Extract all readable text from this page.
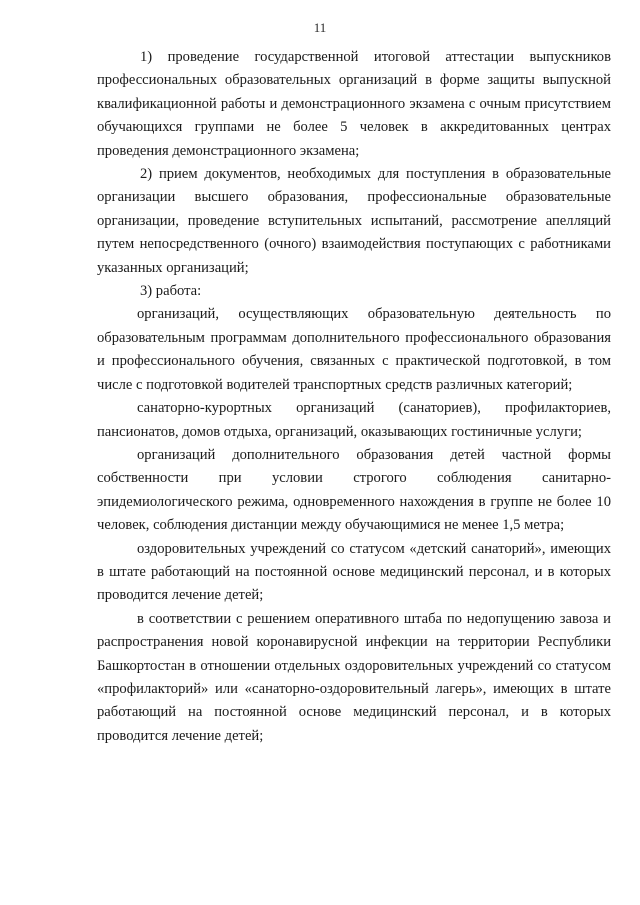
11

1) проведение государственной итоговой аттестации выпускников профессиональных образовательных организаций в форме защиты выпускной квалификационной работы и демонстрационного экзамена с очным присутствием обучающихся группами не более 5 человек в аккредитованных центрах проведения демонстрационного экзамена;

2) прием документов, необходимых для поступления в образовательные организации высшего образования, профессиональные образовательные организации, проведение вступительных испытаний, рассмотрение апелляций путем непосредственного (очного) взаимодействия поступающих с работниками указанных организаций;

3) работа:

организаций, осуществляющих образовательную деятельность по образовательным программам дополнительного профессионального образования и профессионального обучения, связанных с практической подготовкой, в том числе с подготовкой водителей транспортных средств различных категорий;

санаторно-курортных организаций (санаториев), профилакториев, пансионатов, домов отдыха, организаций, оказывающих гостиничные услуги;

организаций дополнительного образования детей частной формы собственности при условии строгого соблюдения санитарно-эпидемиологического режима, одновременного нахождения в группе не более 10 человек, соблюдения дистанции между обучающимися не менее 1,5 метра;

оздоровительных учреждений со статусом «детский санаторий», имеющих в штате работающий на постоянной основе медицинский персонал, и в которых проводится лечение детей;

в соответствии с решением оперативного штаба по недопущению завоза и распространения новой коронавирусной инфекции на территории Республики Башкортостан в отношении отдельных оздоровительных учреждений со статусом «профилакторий» или «санаторно-оздоровительный лагерь», имеющих в штате работающий на постоянной основе медицинский персонал, и в которых проводится лечение детей;
